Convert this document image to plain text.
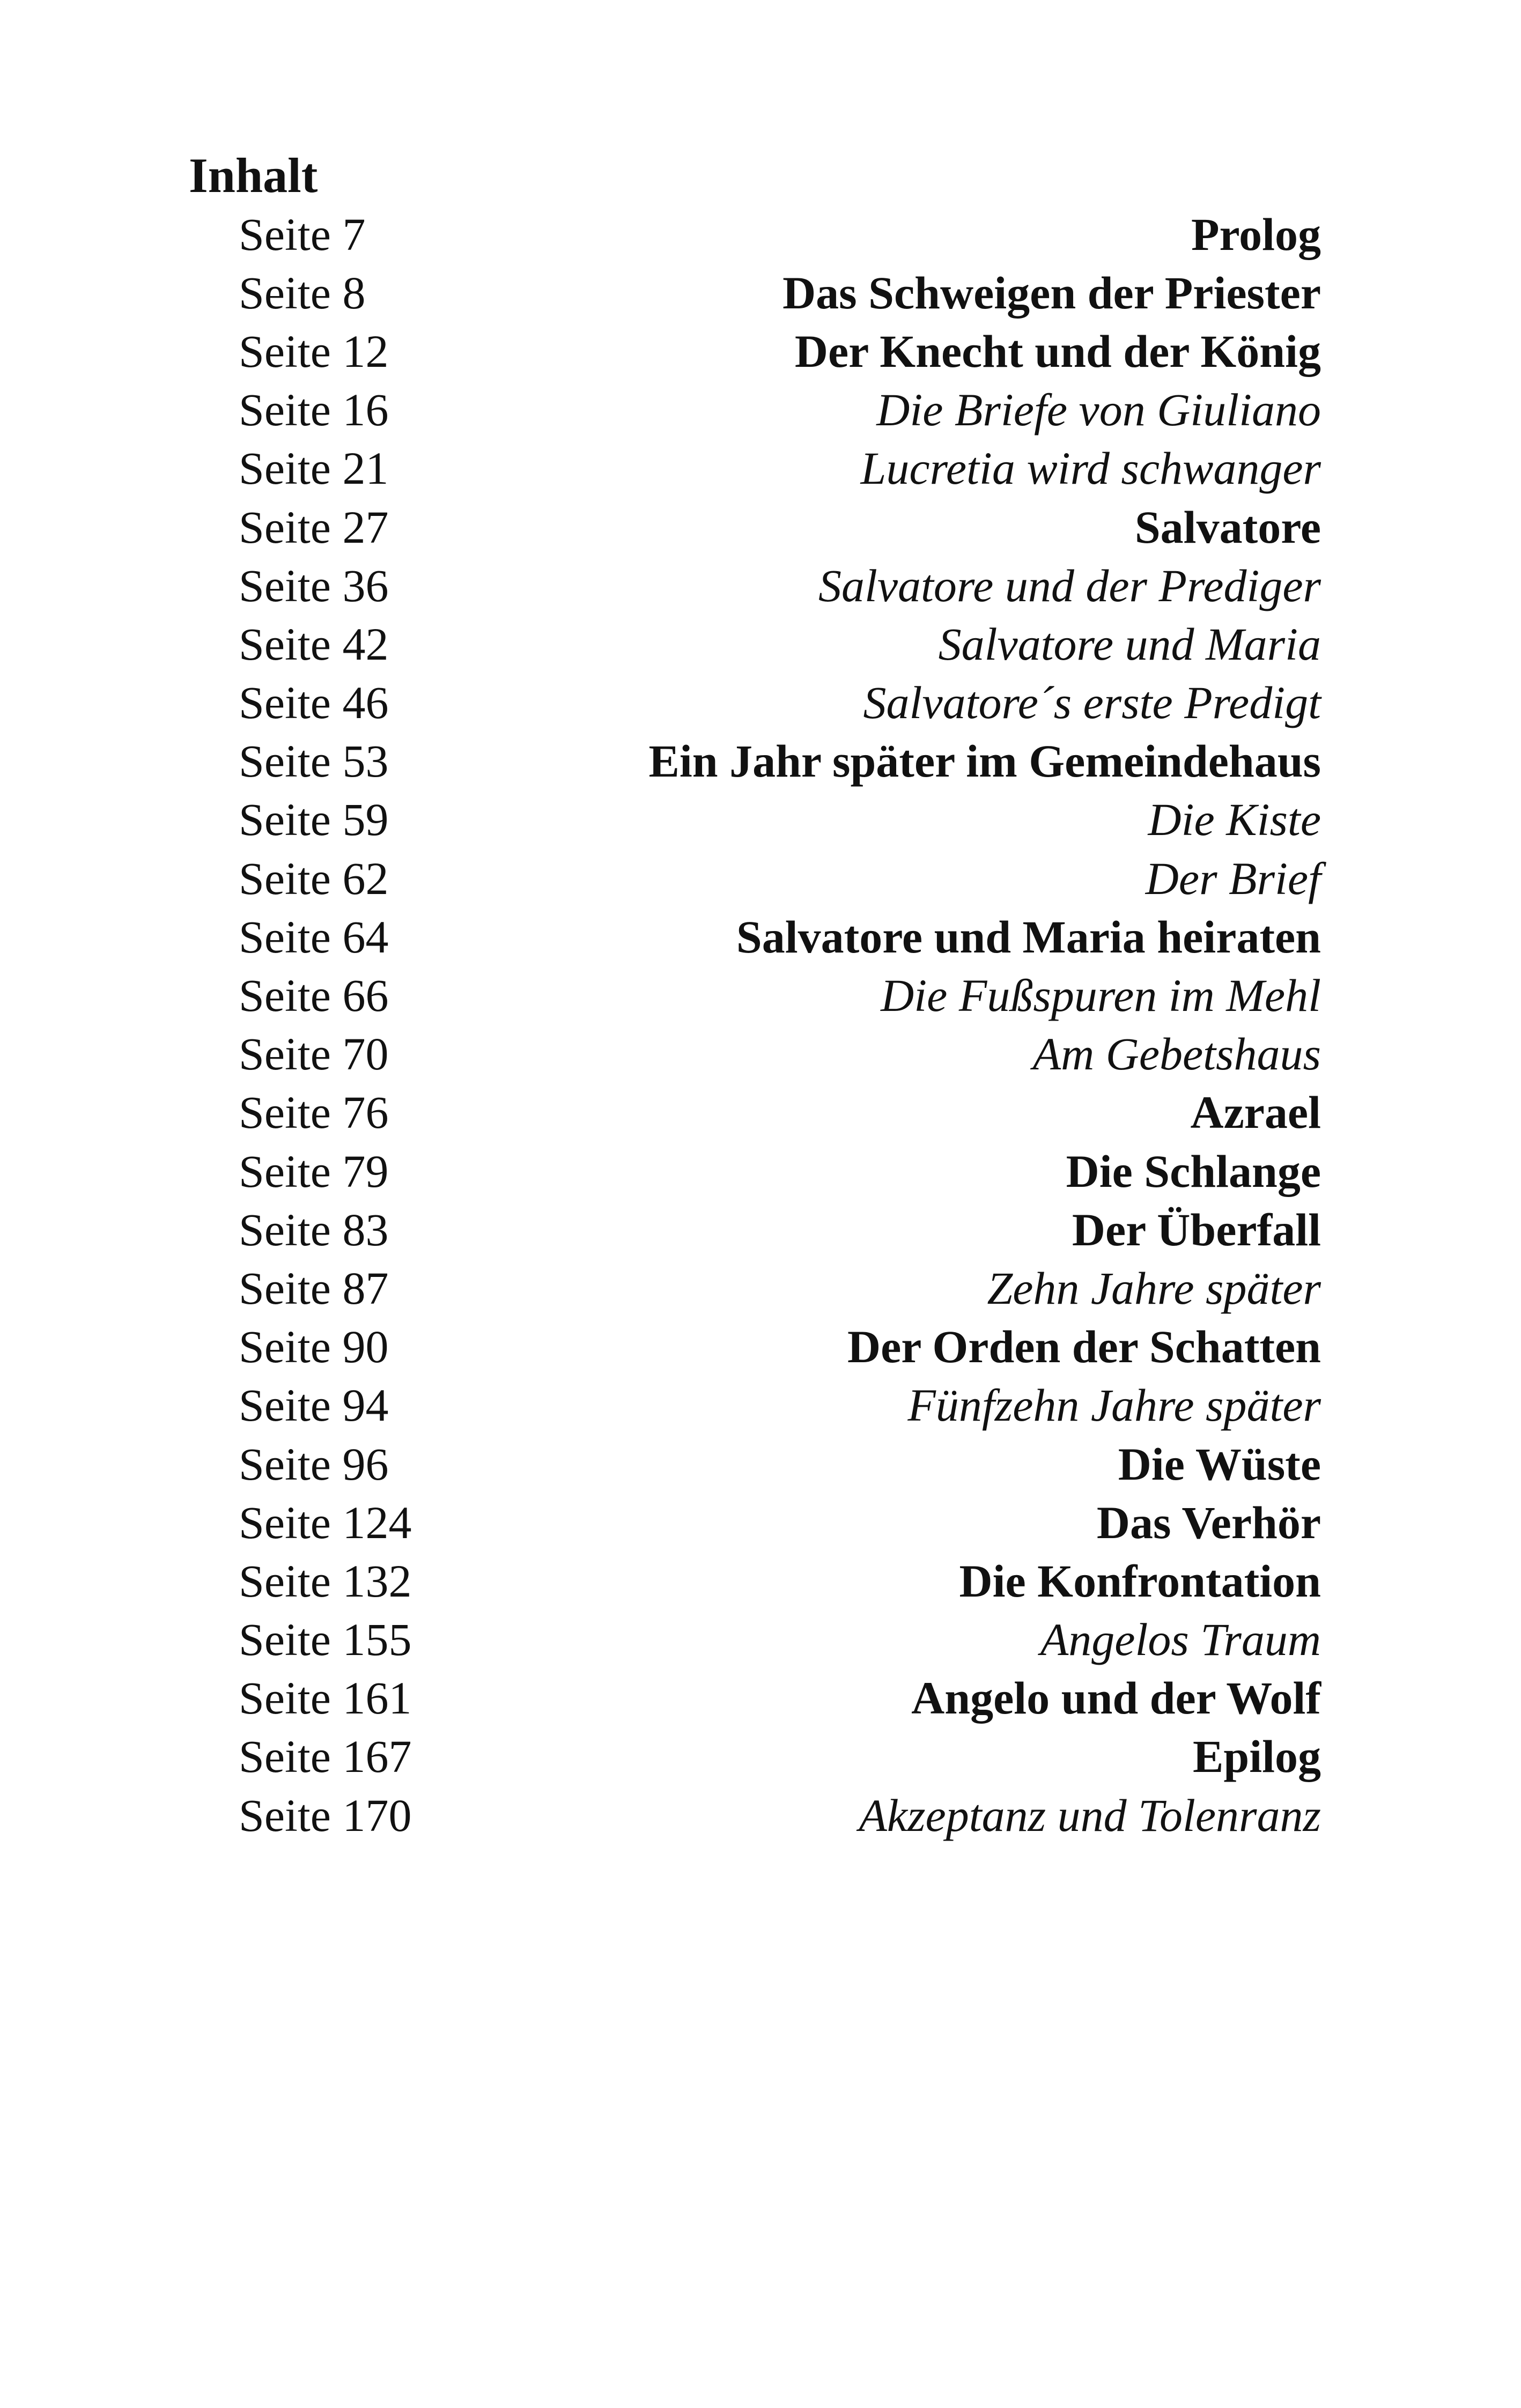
Inhalt
Seite 7	Prolog
Seite 8	Das Schweigen der Priester
Seite 12	Der Knecht und der König
Seite 16	Die Briefe von Giuliano
Seite 21	Lucretia wird schwanger
Seite 27	Salvatore
Seite 36	Salvatore und der Prediger
Seite 42	Salvatore und Maria
Seite 46	Salvatore´s erste Predigt
Seite 53	Ein Jahr später im Gemeindehaus
Seite 59	Die Kiste
Seite 62	Der Brief
Seite 64	Salvatore und Maria heiraten
Seite 66	Die Fußspuren im Mehl
Seite 70	Am Gebetshaus
Seite 76	Azrael
Seite 79	Die Schlange
Seite 83	Der Überfall
Seite 87	Zehn Jahre später
Seite 90	Der Orden der Schatten
Seite 94	Fünfzehn Jahre später
Seite 96	Die Wüste
Seite 124	Das Verhör
Seite 132	Die Konfrontation
Seite 155	Angelos Traum
Seite 161	Angelo und der Wolf
Seite 167	Epilog
Seite 170	Akzeptanz und Tolenranz
